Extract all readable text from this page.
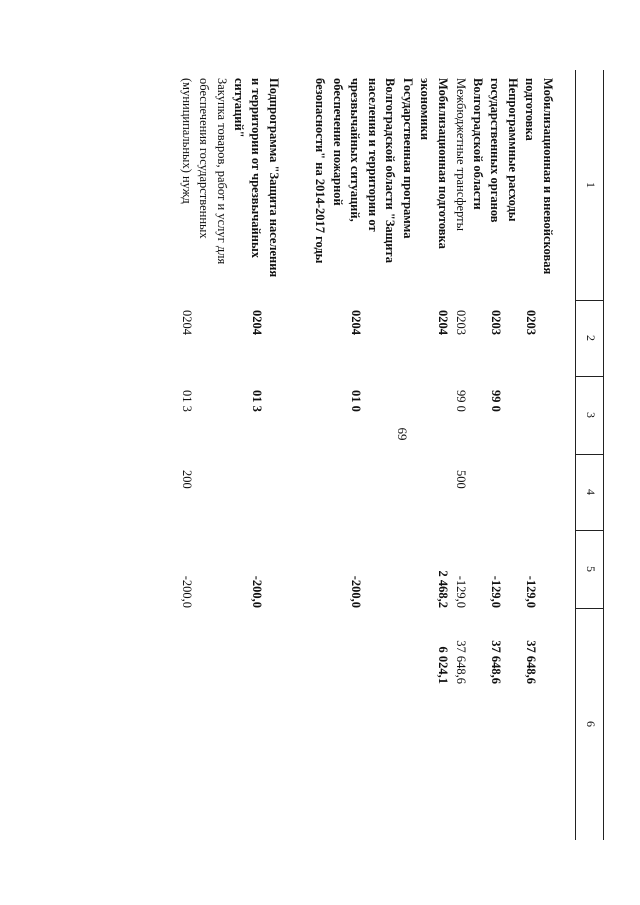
69
1
2
3
4
5
6
Мобилизационная и вневойсковая
подготовка
0203
-129,0
37 648,6
Непрограммные расходы
государственных органов
Волгоградской области
0203
99 0
-129,0
37 648,6
Межбюджетные трансферты
0203
99 0
500
-129,0
37 648,6
Мобилизационная подготовка
экономики
0204
2 468,2
6 024,1
Государственная программа
Волгоградской области "Защита
населения и территории от
чрезвычайных ситуаций,
обеспечение пожарной
безопасности" на 2014-2017 годы
0204
01 0
-200,0
Подпрограмма "Защита населения
и территории от чрезвычайных
ситуаций"
0204
01 3
-200,0
Закупка товаров, работ и услуг для
обеспечения государственных
(муниципальных) нужд
0204
01 3
200
-200,0
